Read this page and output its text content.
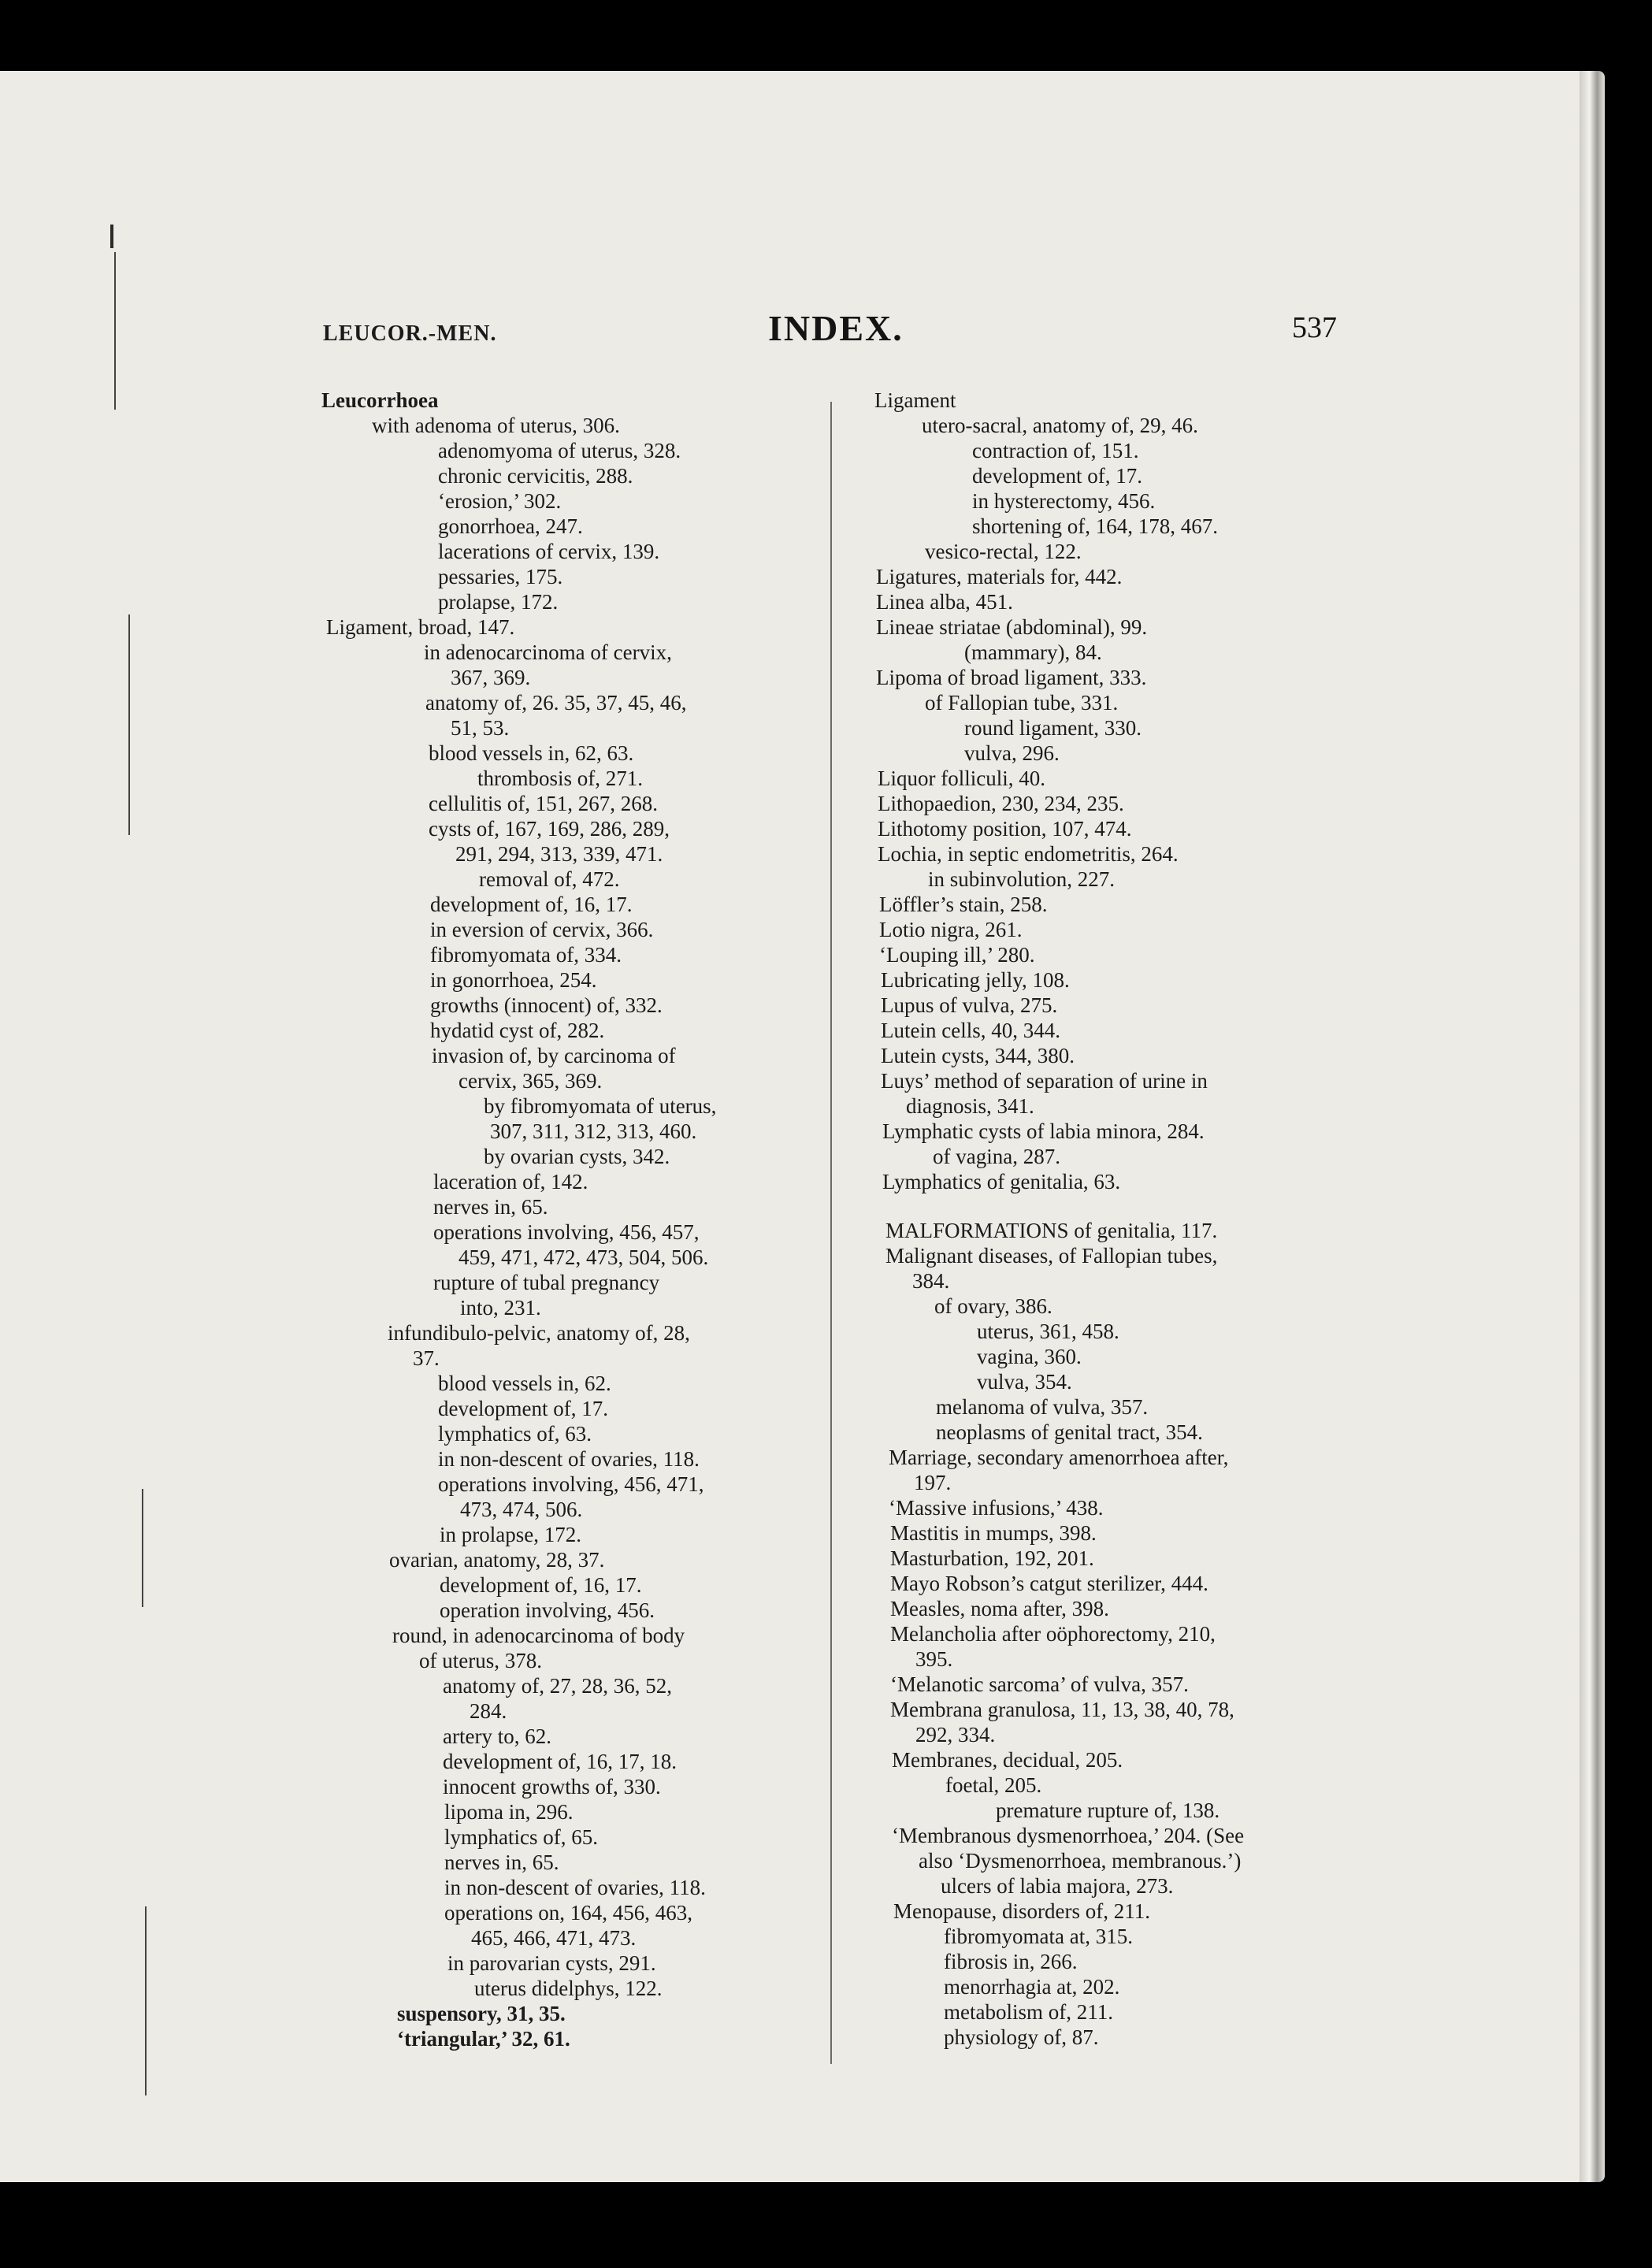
LEUCOR.-MEN.	INDEX.	537
Leucorrhoea
with adenoma of uterus, 306.
adenomyoma of uterus, 328.
chronic cervicitis, 288.
‘erosion,’ 302.
gonorrhoea, 247.
lacerations of cervix, 139.
pessaries, 175.
prolapse, 172.
Ligament, broad, 147.
in adenocarcinoma of cervix,
367, 369.
anatomy of, 26. 35, 37, 45, 46,
51, 53.
blood vessels in, 62, 63.
thrombosis of, 271.
cellulitis of, 151, 267, 268.
cysts of, 167, 169, 286, 289,
291, 294, 313, 339, 471.
removal of, 472.
development of, 16, 17.
in eversion of cervix, 366.
fibromyomata of, 334.
in gonorrhoea, 254.
growths (innocent) of, 332.
hydatid cyst of, 282.
invasion of, by carcinoma of
cervix, 365, 369.
by fibromyomata of uterus,
307, 311, 312, 313, 460.
by ovarian cysts, 342.
laceration of, 142.
nerves in, 65.
operations involving, 456, 457,
459, 471, 472, 473, 504, 506.
rupture of tubal pregnancy
into, 231.
infundibulo-pelvic, anatomy of, 28,
37.
blood vessels in, 62.
development of, 17.
lymphatics of, 63.
in non-descent of ovaries, 118.
operations involving, 456, 471,
473, 474, 506.
in prolapse, 172.
ovarian, anatomy, 28, 37.
development of, 16, 17.
operation involving, 456.
round, in adenocarcinoma of body
of uterus, 378.
anatomy of, 27, 28, 36, 52,
284.
artery to, 62.
development of, 16, 17, 18.
innocent growths of, 330.
lipoma in, 296.
lymphatics of, 65.
nerves in, 65.
in non-descent of ovaries, 118.
operations on, 164, 456, 463,
465, 466, 471, 473.
in parovarian cysts, 291.
uterus didelphys, 122.
suspensory, 31, 35.
‘triangular,’ 32, 61.
Ligament
utero-sacral, anatomy of, 29, 46.
contraction of, 151.
development of, 17.
in hysterectomy, 456.
shortening of, 164, 178, 467.
vesico-rectal, 122.
Ligatures, materials for, 442.
Linea alba, 451.
Lineae striatae (abdominal), 99.
(mammary), 84.
Lipoma of broad ligament, 333.
of Fallopian tube, 331.
round ligament, 330.
vulva, 296.
Liquor folliculi, 40.
Lithopaedion, 230, 234, 235.
Lithotomy position, 107, 474.
Lochia, in septic endometritis, 264.
in subinvolution, 227.
Löffler’s stain, 258.
Lotio nigra, 261.
‘Louping ill,’ 280.
Lubricating jelly, 108.
Lupus of vulva, 275.
Lutein cells, 40, 344.
Lutein cysts, 344, 380.
Luys’ method of separation of urine in
diagnosis, 341.
Lymphatic cysts of labia minora, 284.
of vagina, 287.
Lymphatics of genitalia, 63.
MALFORMATIONS of genitalia, 117.
Malignant diseases, of Fallopian tubes,
384.
of ovary, 386.
uterus, 361, 458.
vagina, 360.
vulva, 354.
melanoma of vulva, 357.
neoplasms of genital tract, 354.
Marriage, secondary amenorrhoea after,
197.
‘Massive infusions,’ 438.
Mastitis in mumps, 398.
Masturbation, 192, 201.
Mayo Robson’s catgut sterilizer, 444.
Measles, noma after, 398.
Melancholia after oöphorectomy, 210,
395.
‘Melanotic sarcoma’ of vulva, 357.
Membrana granulosa, 11, 13, 38, 40, 78,
292, 334.
Membranes, decidual, 205.
foetal, 205.
premature rupture of, 138.
‘Membranous dysmenorrhoea,’ 204. (See
also ‘Dysmenorrhoea, membranous.’)
ulcers of labia majora, 273.
Menopause, disorders of, 211.
fibromyomata at, 315.
fibrosis in, 266.
menorrhagia at, 202.
metabolism of, 211.
physiology of, 87.
